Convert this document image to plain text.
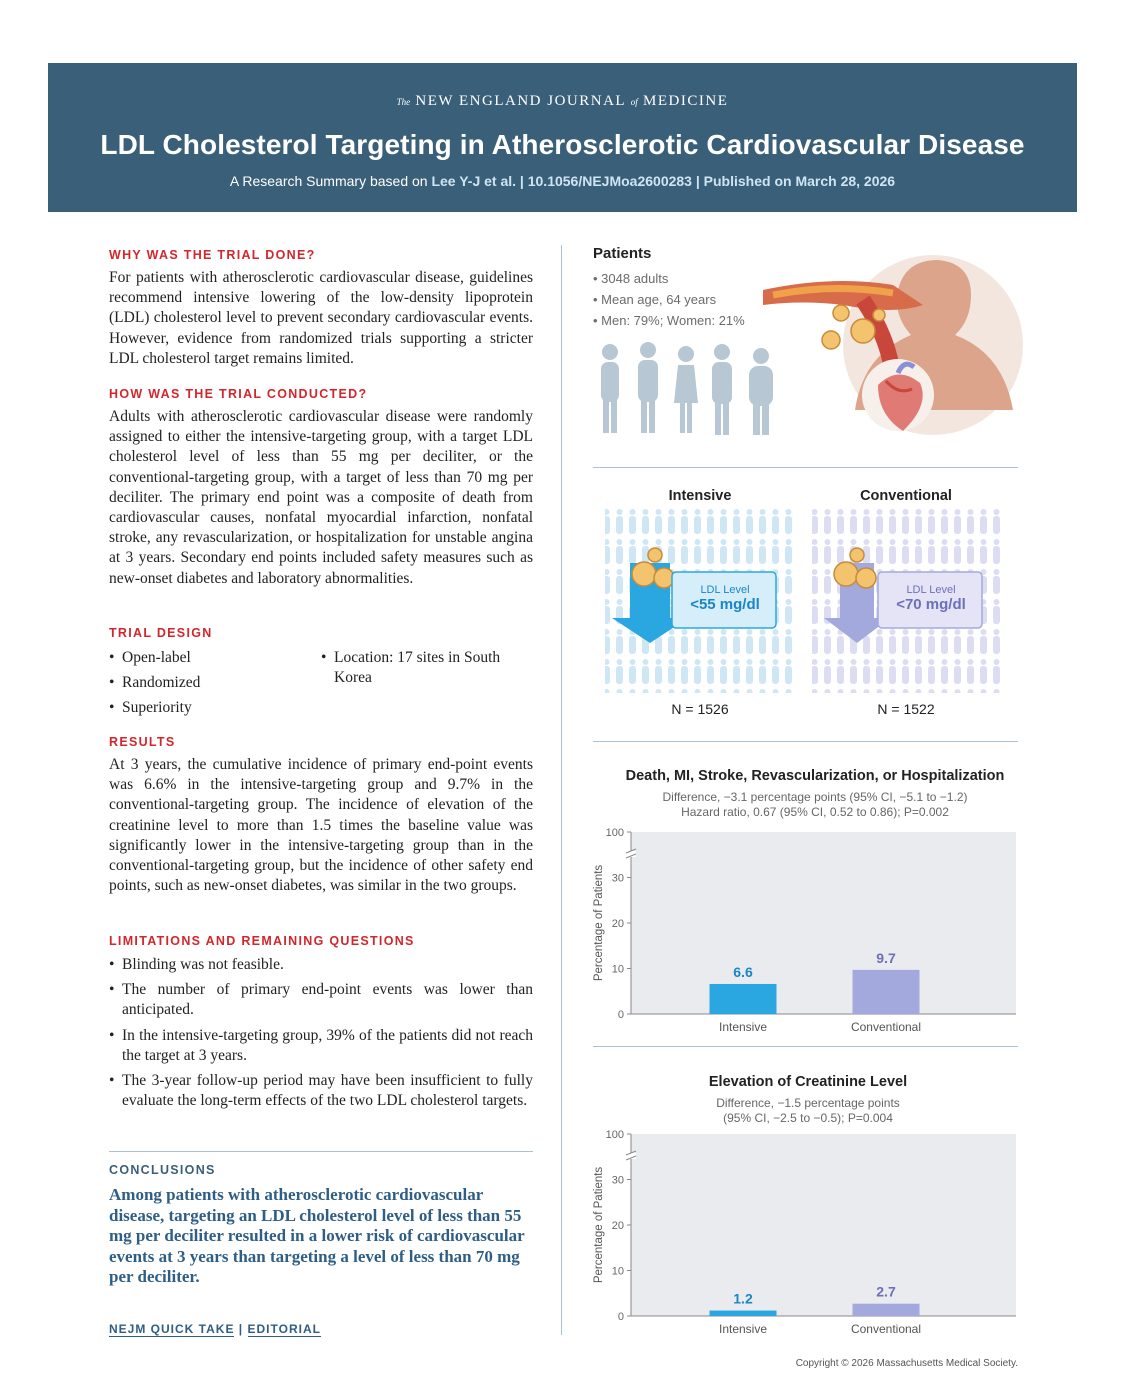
The NEW ENGLAND JOURNAL of MEDICINE
LDL Cholesterol Targeting in Atherosclerotic Cardiovascular Disease
A Research Summary based on Lee Y-J et al. | 10.1056/NEJMoa2600283 | Published on March 28, 2026
WHY WAS THE TRIAL DONE?
For patients with atherosclerotic cardiovascular disease, guidelines recommend intensive lowering of the low-density lipoprotein (LDL) cholesterol level to prevent secondary cardiovascular events. However, evidence from randomized trials supporting a stricter LDL cholesterol target remains limited.
HOW WAS THE TRIAL CONDUCTED?
Adults with atherosclerotic cardiovascular disease were randomly assigned to either the intensive-targeting group, with a target LDL cholesterol level of less than 55 mg per deciliter, or the conventional-targeting group, with a target of less than 70 mg per deciliter. The primary end point was a composite of death from cardiovascular causes, nonfatal myocardial infarction, nonfatal stroke, any revascularization, or hospitalization for unstable angina at 3 years. Secondary end points included safety measures such as new-onset diabetes and laboratory abnormalities.
TRIAL DESIGN
• Open-label
• Randomized
• Superiority
• Location: 17 sites in South Korea
RESULTS
At 3 years, the cumulative incidence of primary end-point events was 6.6% in the intensive-targeting group and 9.7% in the conventional-targeting group. The incidence of elevation of the creatinine level to more than 1.5 times the baseline value was significantly lower in the intensive-targeting group than in the conventional-targeting group, but the incidence of other safety end points, such as new-onset diabetes, was similar in the two groups.
LIMITATIONS AND REMAINING QUESTIONS
• Blinding was not feasible.
• The number of primary end-point events was lower than anticipated.
• In the intensive-targeting group, 39% of the patients did not reach the target at 3 years.
• The 3-year follow-up period may have been insufficient to fully evaluate the long-term effects of the two LDL cholesterol targets.
CONCLUSIONS
Among patients with atherosclerotic cardiovascular disease, targeting an LDL cholesterol level of less than 55 mg per deciliter resulted in a lower risk of cardiovascular events at 3 years than targeting a level of less than 70 mg per deciliter.
NEJM QUICK TAKE | EDITORIAL
Patients
• 3048 adults
• Mean age, 64 years
• Men: 79%; Women: 21%
Intensive	Conventional
LDL Level
<55 mg/dl
LDL Level
<70 mg/dl
N = 1526	N = 1522
Death, MI, Stroke, Revascularization, or Hospitalization
Difference, −3.1 percentage points (95% CI, −5.1 to −1.2)
Hazard ratio, 0.67 (95% CI, 0.52 to 0.86); P=0.002
0
10
20
30
100
Percentage of Patients	6.6
Intensive
9.7
Conventional
Elevation of Creatinine Level
Difference, −1.5 percentage points
(95% CI, −2.5 to −0.5); P=0.004
0
10
20
30
100
Percentage of Patients
1.2
Intensive
2.7
Conventional
Copyright © 2026 Massachusetts Medical Society.
